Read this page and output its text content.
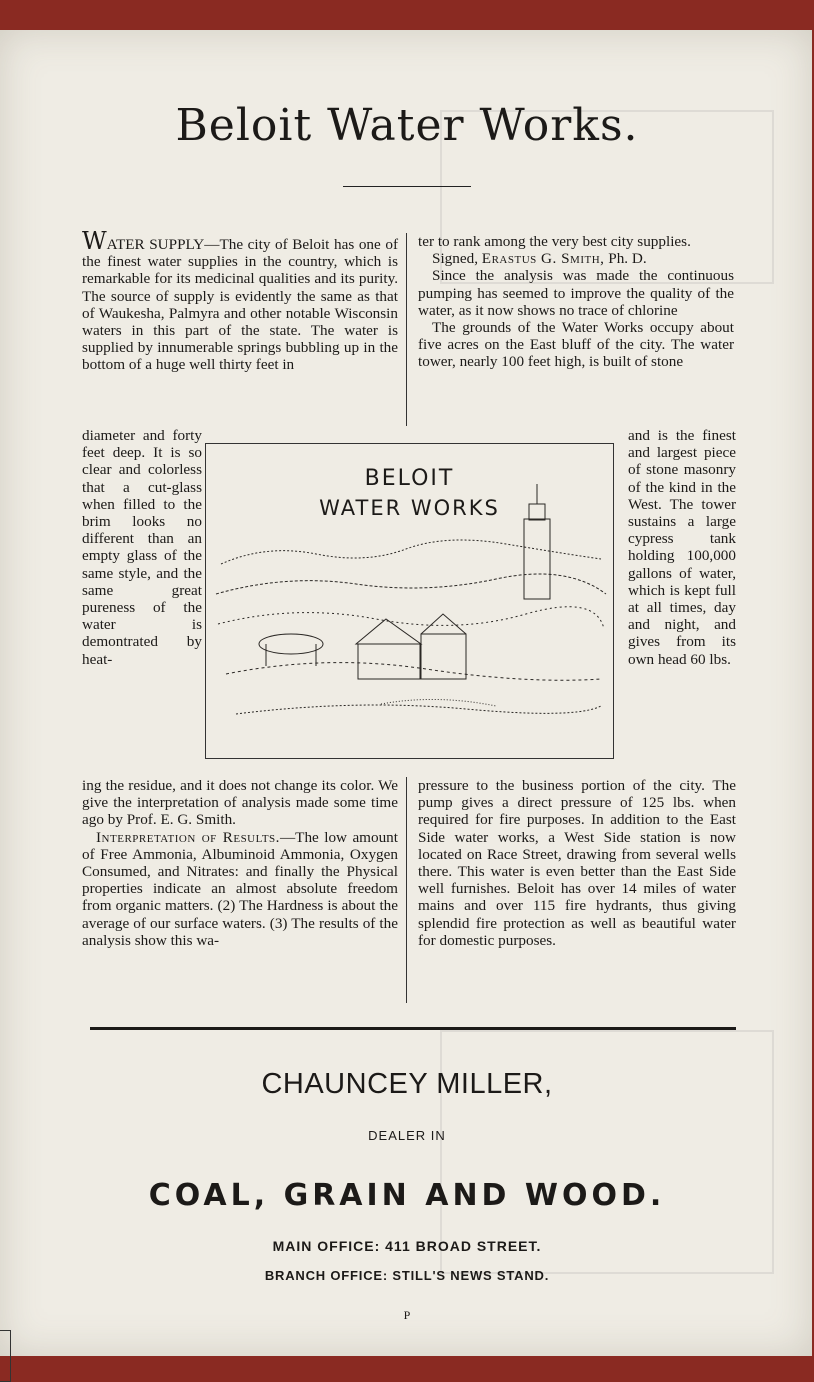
Beloit Water Works.

WATER SUPPLY—The city of Beloit has one of the finest water supplies in the country, which is remarkable for its medicinal qualities and its purity. The source of supply is evidently the same as that of Waukesha, Palmyra and other notable Wisconsin waters in this part of the state. The water is supplied by innumerable springs bubbling up in the bottom of a huge well thirty feet in

ter to rank among the very best city supplies.

Signed, Erastus G. Smith, Ph. D.

Since the analysis was made the continuous pumping has seemed to improve the quality of the water, as it now shows no trace of chlorine

The grounds of the Water Works occupy about five acres on the East bluff of the city. The water tower, nearly 100 feet high, is built of stone

diameter and forty feet deep. It is so clear and colorless that a cut-glass when filled to the brim looks no different than an empty glass of the same style, and the same great pureness of the water is demontrated by heat-

and is the finest and largest piece of stone masonry of the kind in the West. The tower sustains a large cypress tank holding 100,000 gallons of water, which is kept full at all times, day and night, and gives from its own head 60 lbs.

BELOIT
WATER WORKS

ing the residue, and it does not change its color. We give the interpretation of analysis made some time ago by Prof. E. G. Smith.

Interpretation of Results.—The low amount of Free Ammonia, Albuminoid Ammonia, Oxygen Consumed, and Nitrates: and finally the Physical properties indicate an almost absolute freedom from organic matters. (2) The Hardness is about the average of our surface waters. (3) The results of the analysis show this wa-

pressure to the business portion of the city. The pump gives a direct pressure of 125 lbs. when required for fire purposes. In addition to the East Side water works, a West Side station is now located on Race Street, drawing from several wells there. This water is even better than the East Side well furnishes. Beloit has over 14 miles of water mains and over 115 fire hydrants, thus giving splendid fire protection as well as beautiful water for domestic purposes.

CHAUNCEY MILLER,
DEALER IN
COAL, GRAIN AND WOOD.
MAIN OFFICE: 411 BROAD STREET.
BRANCH OFFICE: STILL'S NEWS STAND.
P
